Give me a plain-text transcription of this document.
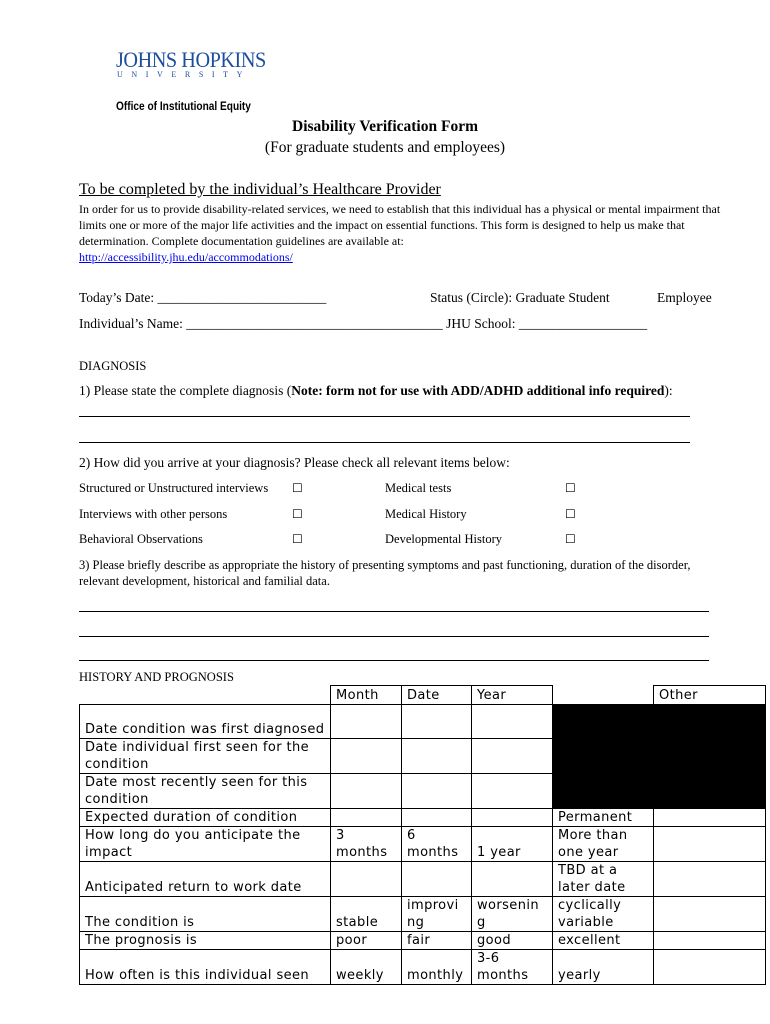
JOHNS HOPKINS
UNIVERSITY
Office of Institutional Equity
Disability Verification Form
(For graduate students and employees)
To be completed by the individual’s Healthcare Provider
In order for us to provide disability-related services, we need to establish that this individual has a physical or mental impairment that limits one or more of the major life activities and the impact on essential functions. This form is designed to help us make that determination. Complete documentation guidelines are available at:
http://accessibility.jhu.edu/accommodations/
Today’s Date: _________________________	Status (Circle): Graduate Student	Employee
Individual’s Name: ______________________________________ JHU School: ___________________
DIAGNOSIS
1) Please state the complete diagnosis (Note: form not for use with ADD/ADHD additional info required):
2) How did you arrive at your diagnosis? Please check all relevant items below:
Structured or Unstructured interviews ☐	Medical tests	☐
Interviews with other persons	☐	Medical History	☐
Behavioral Observations	☐	Developmental History	☐
3) Please briefly describe as appropriate the history of presenting symptoms and past functioning, duration of the disorder, relevant development, historical and familial data.
HISTORY AND PROGNOSIS
	Month	Date	Year		Other
Date condition was first diagnosed					
Date individual first seen for the condition					
Date most recently seen for this condition					
Expected duration of condition				Permanent	
How long do you anticipate the impact	3 months	6 months	1 year	More than one year	
Anticipated return to work date				TBD at a later date	
The condition is	stable	improving	worsening	cyclically variable	
The prognosis is	poor	fair	good	excellent	
How often is this individual seen	weekly	monthly	3-6 months	yearly	
